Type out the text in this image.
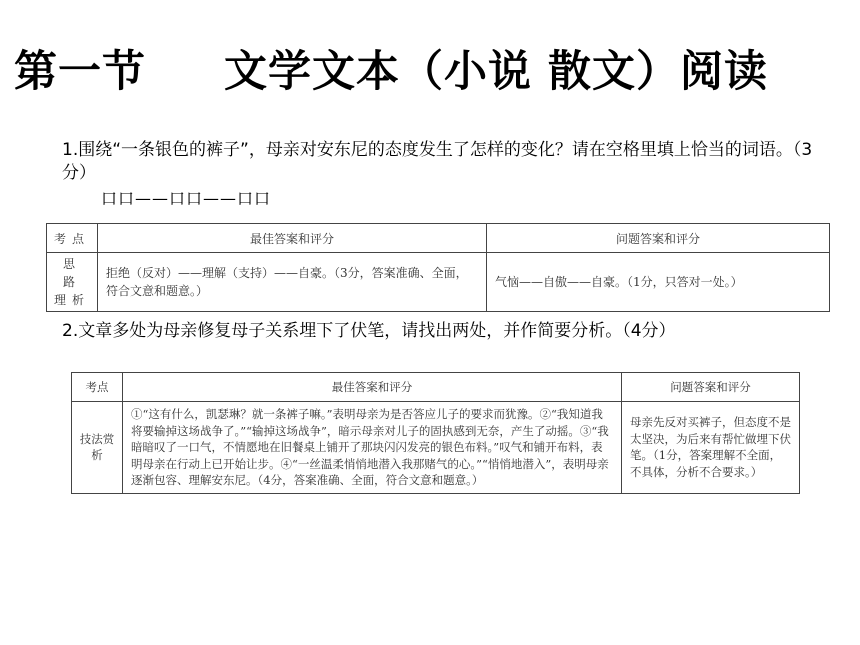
第一节 文学文本（小说 散文）阅读
1.围绕“一条银色的裤子”，母亲对安东尼的态度发生了怎样的变化？请在空格里填上恰当的词语。（3分）
口口——口口——口口
考点	最佳答案和评分	问题答案和评分
思 路 理析	拒绝（反对）——理解（支持）——自豪。（3分，答案准确、全面，符合文意和题意。）	气恼——自傲——自豪。（1分，只答对一处。）
2.文章多处为母亲修复母子关系埋下了伏笔，请找出两处，并作简要分析。（4分）
考点	最佳答案和评分	问题答案和评分
技法赏析	①“这有什么，凯瑟琳？就一条裤子嘛。”表明母亲为是否答应儿子的要求而犹豫。②“我知道我将要输掉这场战争了。”“输掉这场战争”，暗示母亲对儿子的固执感到无奈，产生了动摇。③“我暗暗叹了一口气，不情愿地在旧餐桌上铺开了那块闪闪发亮的银色布料。”叹气和铺开布料，表明母亲在行动上已开始让步。④“一丝温柔悄悄地潜入我那赌气的心。”“悄悄地潜入”，表明母亲逐渐包容、理解安东尼。（4分，答案准确、全面，符合文意和题意。）	母亲先反对买裤子，但态度不是太坚决，为后来有帮忙做埋下伏笔。（1分，答案理解不全面，不具体，分析不合要求。）
